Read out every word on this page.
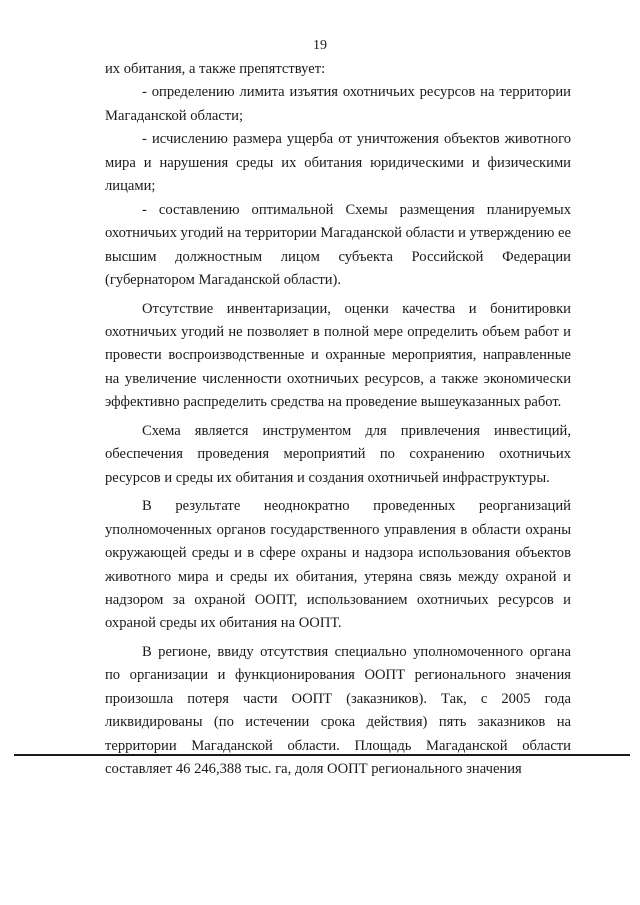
19

их обитания, а также препятствует:

- определению лимита изъятия охотничьих ресурсов на территории Магаданской области;

- исчислению размера ущерба от уничтожения объектов животного мира и нарушения среды их обитания юридическими и физическими лицами;

- составлению оптимальной Схемы размещения планируемых охотничьих угодий на территории Магаданской области и утверждению ее высшим должностным лицом субъекта Российской Федерации (губернатором Магаданской области).

Отсутствие инвентаризации, оценки качества и бонитировки охотничьих угодий не позволяет в полной мере определить объем работ и провести воспроизводственные и охранные мероприятия, направленные на увеличение численности охотничьих ресурсов, а также экономически эффективно распределить средства на проведение вышеуказанных работ.

Схема является инструментом для привлечения инвестиций, обеспечения проведения мероприятий по сохранению охотничьих ресурсов и среды их обитания и создания охотничьей инфраструктуры.

В результате неоднократно проведенных реорганизаций уполномоченных органов государственного управления в области охраны окружающей среды и в сфере охраны и надзора использования объектов животного мира и среды их обитания, утеряна связь между охраной и надзором за охраной ООПТ, использованием охотничьих ресурсов и охраной среды их обитания на ООПТ.

В регионе, ввиду отсутствия специально уполномоченного органа по организации и функционирования ООПТ регионального значения произошла потеря части ООПТ (заказников). Так, с 2005 года ликвидированы (по истечении срока действия) пять заказников на территории Магаданской области. Площадь Магаданской области составляет 46 246,388 тыс. га, доля ООПТ регионального значения
